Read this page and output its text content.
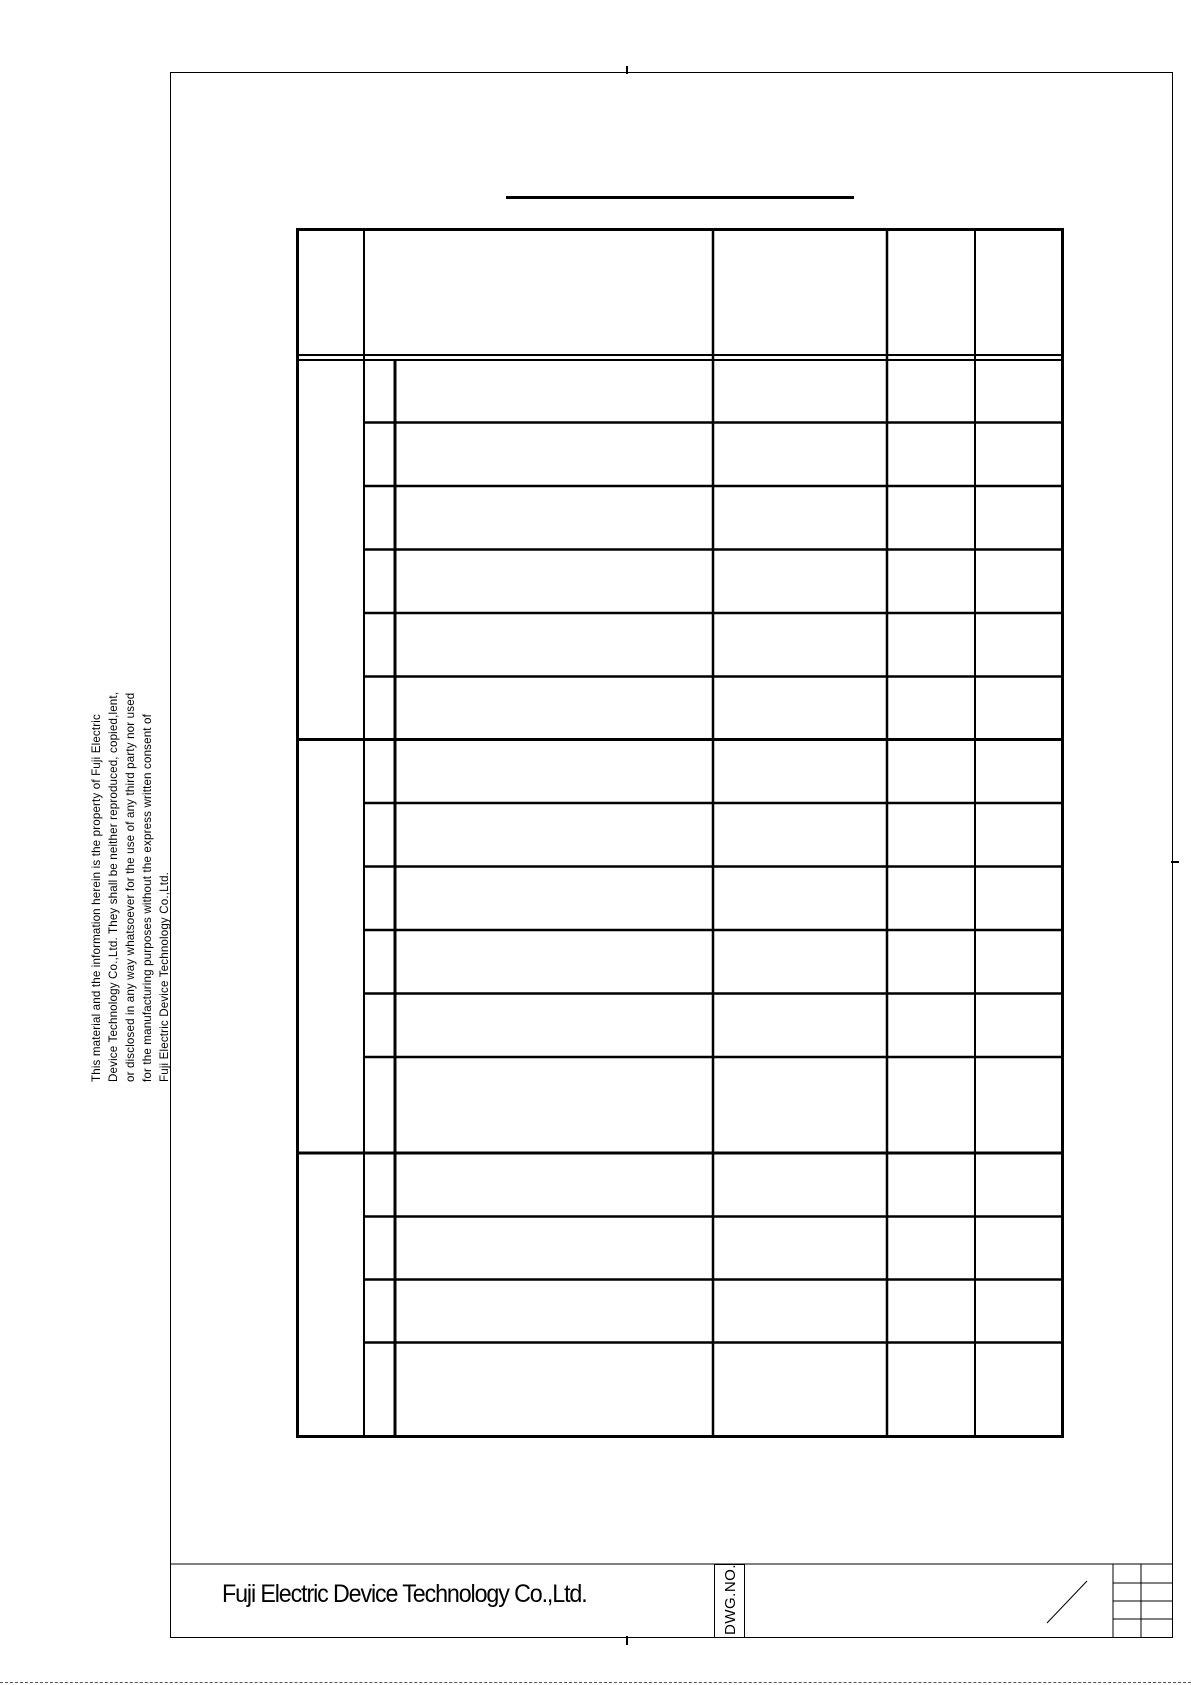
This material and the information herein is the property of Fuji Electric Device Technology Co.,Ltd. They shall be neither reproduced, copied,lent, or disclosed in any way whatsoever for the use of any third party nor used for the manufacturing purposes without the express written consent of Fuji Electric Device Technology Co.,Ltd.
Fuji Electric Device Technology Co.,Ltd.	DWG.NO.
